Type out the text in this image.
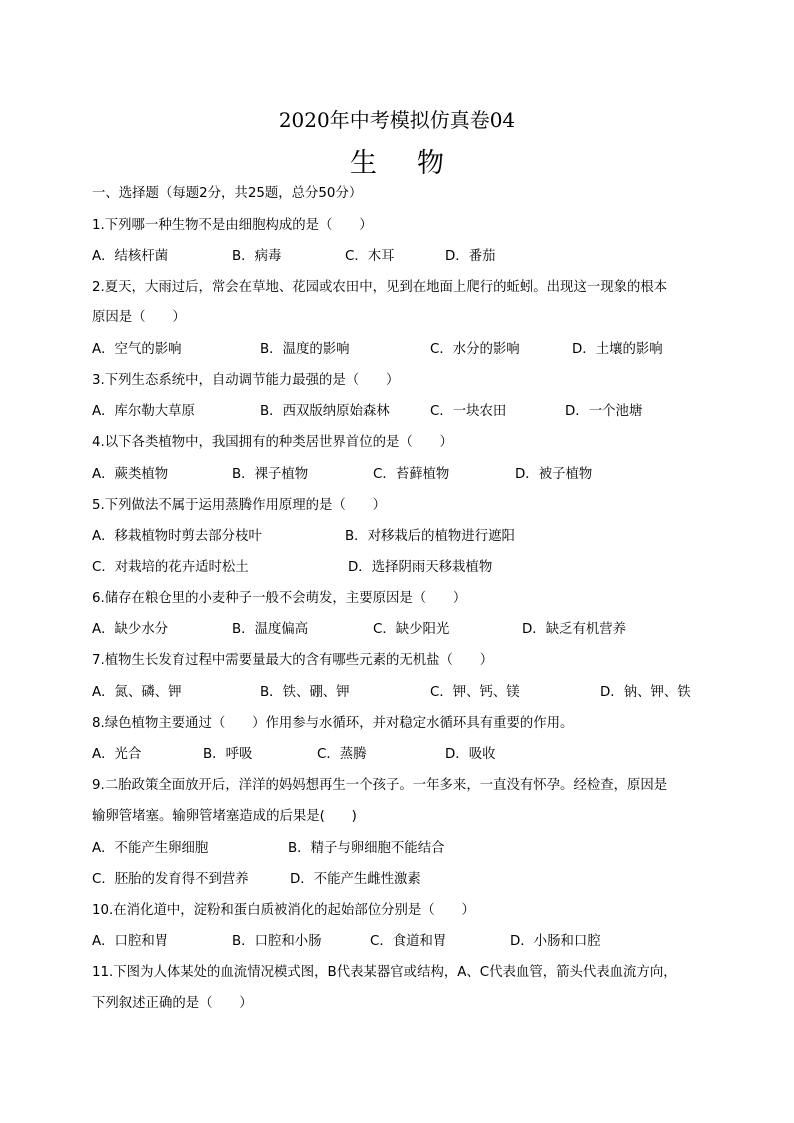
2020年中考模拟仿真卷04
生 物
一、选择题（每题2分，共25题，总分50分）
1.下列哪一种生物不是由细胞构成的是（　　）
A．结核杆菌	B．病毒	C．木耳	D．番茄
2.夏天，大雨过后，常会在草地、花园或农田中，见到在地面上爬行的蚯蚓。出现这一现象的根本
原因是（　　）
A．空气的影响	B．温度的影响	C．水分的影响	D．土壤的影响
3.下列生态系统中，自动调节能力最强的是（　　）
A．库尔勒大草原	B．西双版纳原始森林	C．一块农田	D．一个池塘
4.以下各类植物中，我国拥有的种类居世界首位的是（　　）
A．蕨类植物	B．裸子植物	C．苔藓植物	D．被子植物
5.下列做法不属于运用蒸腾作用原理的是（　　）
A．移栽植物时剪去部分枝叶	B．对移栽后的植物进行遮阳
C．对栽培的花卉适时松土	D．选择阴雨天移栽植物
6.储存在粮仓里的小麦种子一般不会萌发，主要原因是（　　）
A．缺少水分	B．温度偏高	C．缺少阳光	D．缺乏有机营养
7.植物生长发育过程中需要量最大的含有哪些元素的无机盐（　　）
A．氮、磷、钾	B．铁、硼、钾	C．钾、钙、镁	D．钠、钾、铁
8.绿色植物主要通过（　　）作用参与水循环，并对稳定水循环具有重要的作用。
A．光合	B．呼吸	C．蒸腾	D．吸收
9.二胎政策全面放开后，洋洋的妈妈想再生一个孩子。一年多来，一直没有怀孕。经检查，原因是
输卵管堵塞。输卵管堵塞造成的后果是(　　)
A．不能产生卵细胞	B．精子与卵细胞不能结合
C．胚胎的发育得不到营养	D．不能产生雌性激素
10.在消化道中，淀粉和蛋白质被消化的起始部位分别是（　　）
A．口腔和胃	B．口腔和小肠	C．食道和胃	D．小肠和口腔
11.下图为人体某处的血流情况模式图，B代表某器官或结构，A、C代表血管，箭头代表血流方向，
下列叙述正确的是（　　）
